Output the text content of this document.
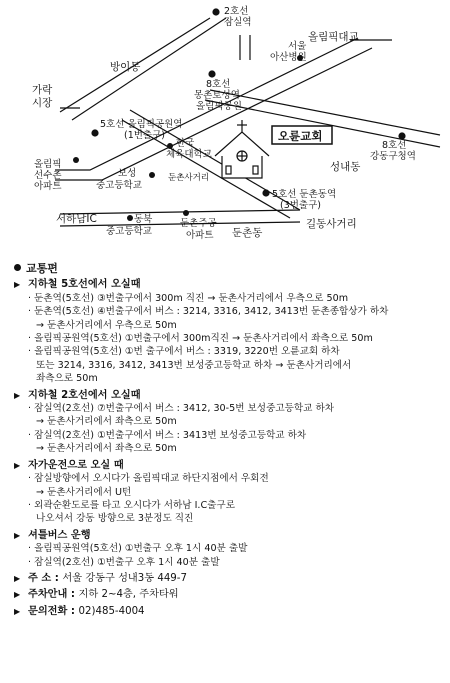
2호선
잠실역
올림픽대교
서울
아산병원
방이동
8호선
몽촌토성역
올림픽공원
가락
시장
5호선 올림픽공원역
(1번출구)
한국
체육대학교
오륜교회
8호선
강동구청역
성내동
올림픽
선수촌
아파트
보성
중고등학교
둔촌사거리
5호선 둔촌동역
(3번출구)
서하남IC	동북
중고등학교
둔촌주공
아파트 둔촌동
길동사거리
교통편
▶ 지하철 5호선에서 오실때
· 둔촌역(5호선) ③번출구에서 300m 직진 → 둔촌사거리에서 우측으로 50m
· 둔촌역(5호선) ④번출구에서 버스 : 3214, 3316, 3412, 3413번 둔촌종합상가 하차
→ 둔촌사거리에서 우측으로 50m
· 올림픽공원역(5호선) ①번출구에서 300m직진 → 둔촌사거리에서 좌측으로 50m
· 올림픽공원역(5호선) ①번 출구에서 버스 : 3319, 3220번 오륜교회 하차
또는 3214, 3316, 3412, 3413번 보성중고등학교 하차 → 둔촌사거리에서
좌측으로 50m
▶ 지하철 2호선에서 오실때
· 잠실역(2호선) ⑦번출구에서 버스 : 3412, 30-5번 보성중고등학교 하차
→ 둔촌사거리에서 좌측으로 50m
· 잠실역(2호선) ①번출구에서 버스 : 3413번 보성중고등학교 하차
→ 둔촌사거리에서 좌측으로 50m
▶ 자가운전으로 오실 때
· 잠실방향에서 오시다가 올림픽대교 하단지점에서 우회전
→ 둔촌사거리에서 U턴
· 외곽순환도로를 타고 오시다가 서하남 I.C출구로
나오셔서 강동 방향으로 3분정도 직진
▶ 셔틀버스 운행
· 올림픽공원역(5호선) ①번출구 오후 1시 40분 출발
· 잠실역(2호선) ①번출구 오후 1시 40분 출발
▶ 주 소 : 서울 강동구 성내3동 449-7
▶ 주차안내 : 지하 2~4층, 주차타워
▶ 문의전화 : 02)485-4004
